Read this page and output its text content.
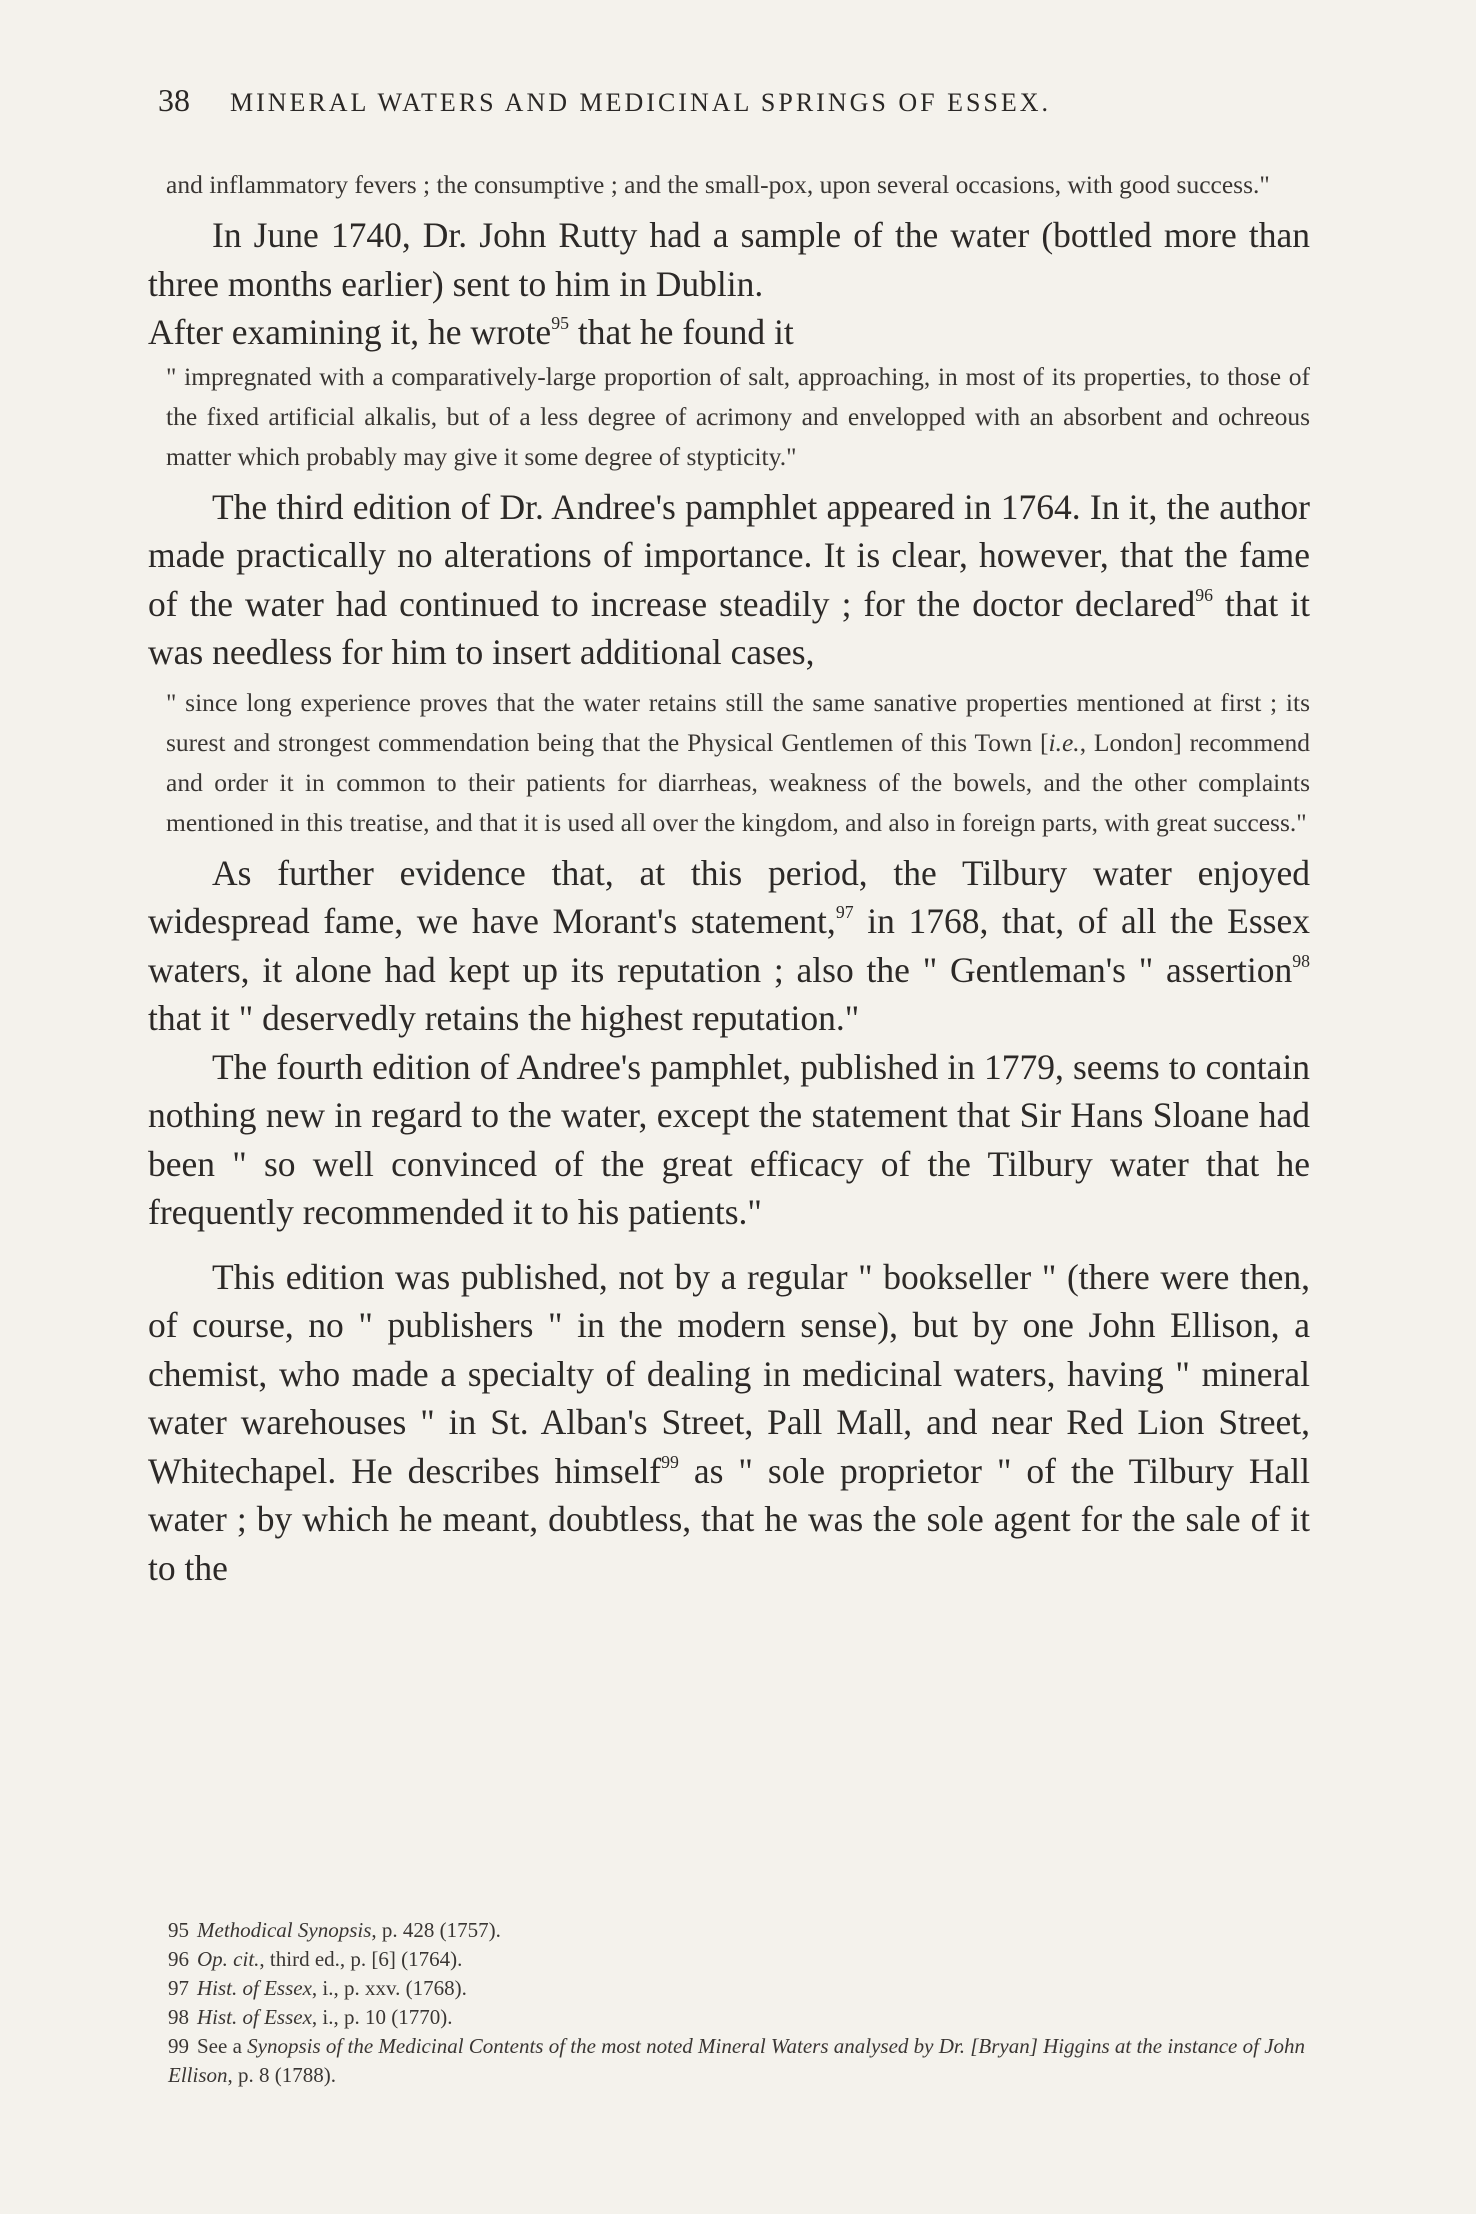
38 MINERAL WATERS AND MEDICINAL SPRINGS OF ESSEX.

and inflammatory fevers ; the consumptive ; and the small-pox, upon several occasions, with good success."

In June 1740, Dr. John Rutty had a sample of the water (bottled more than three months earlier) sent to him in Dublin.

After examining it, he wrote$^{95}$ that he found it

" impregnated with a comparatively-large proportion of salt, approaching, in most of its properties, to those of the fixed artificial alkalis, but of a less degree of acrimony and envelopped with an absorbent and ochreous matter which probably may give it some degree of stypticity."

The third edition of Dr. Andree's pamphlet appeared in 1764. In it, the author made practically no alterations of importance. It is clear, however, that the fame of the water had continued to increase steadily ; for the doctor declared$^{96}$ that it was needless for him to insert additional cases,

" since long experience proves that the water retains still the same sanative properties mentioned at first ; its surest and strongest commendation being that the Physical Gentlemen of this Town [i.e., London] recommend and order it in common to their patients for diarrheas, weakness of the bowels, and the other complaints mentioned in this treatise, and that it is used all over the kingdom, and also in foreign parts, with great success."

As further evidence that, at this period, the Tilbury water enjoyed widespread fame, we have Morant's statement,$^{97}$ in 1768, that, of all the Essex waters, it alone had kept up its reputation ; also the " Gentleman's " assertion$^{98}$ that it " deservedly retains the highest reputation."

The fourth edition of Andree's pamphlet, published in 1779, seems to contain nothing new in regard to the water, except the statement that Sir Hans Sloane had been " so well convinced of the great efficacy of the Tilbury water that he frequently recommended it to his patients."

This edition was published, not by a regular " bookseller " (there were then, of course, no " publishers " in the modern sense), but by one John Ellison, a chemist, who made a specialty of dealing in medicinal waters, having " mineral water warehouses " in St. Alban's Street, Pall Mall, and near Red Lion Street, Whitechapel. He describes himself$^{99}$ as " sole proprietor " of the Tilbury Hall water ; by which he meant, doubtless, that he was the sole agent for the sale of it to the

95 Methodical Synopsis, p. 428 (1757).
96 Op. cit., third ed., p. [6] (1764).
97 Hist. of Essex, i., p. xxv. (1768).
98 Hist. of Essex, i., p. 10 (1770).
99 See a Synopsis of the Medicinal Contents of the most noted Mineral Waters analysed by Dr. [Bryan] Higgins at the instance of John Ellison, p. 8 (1788).
